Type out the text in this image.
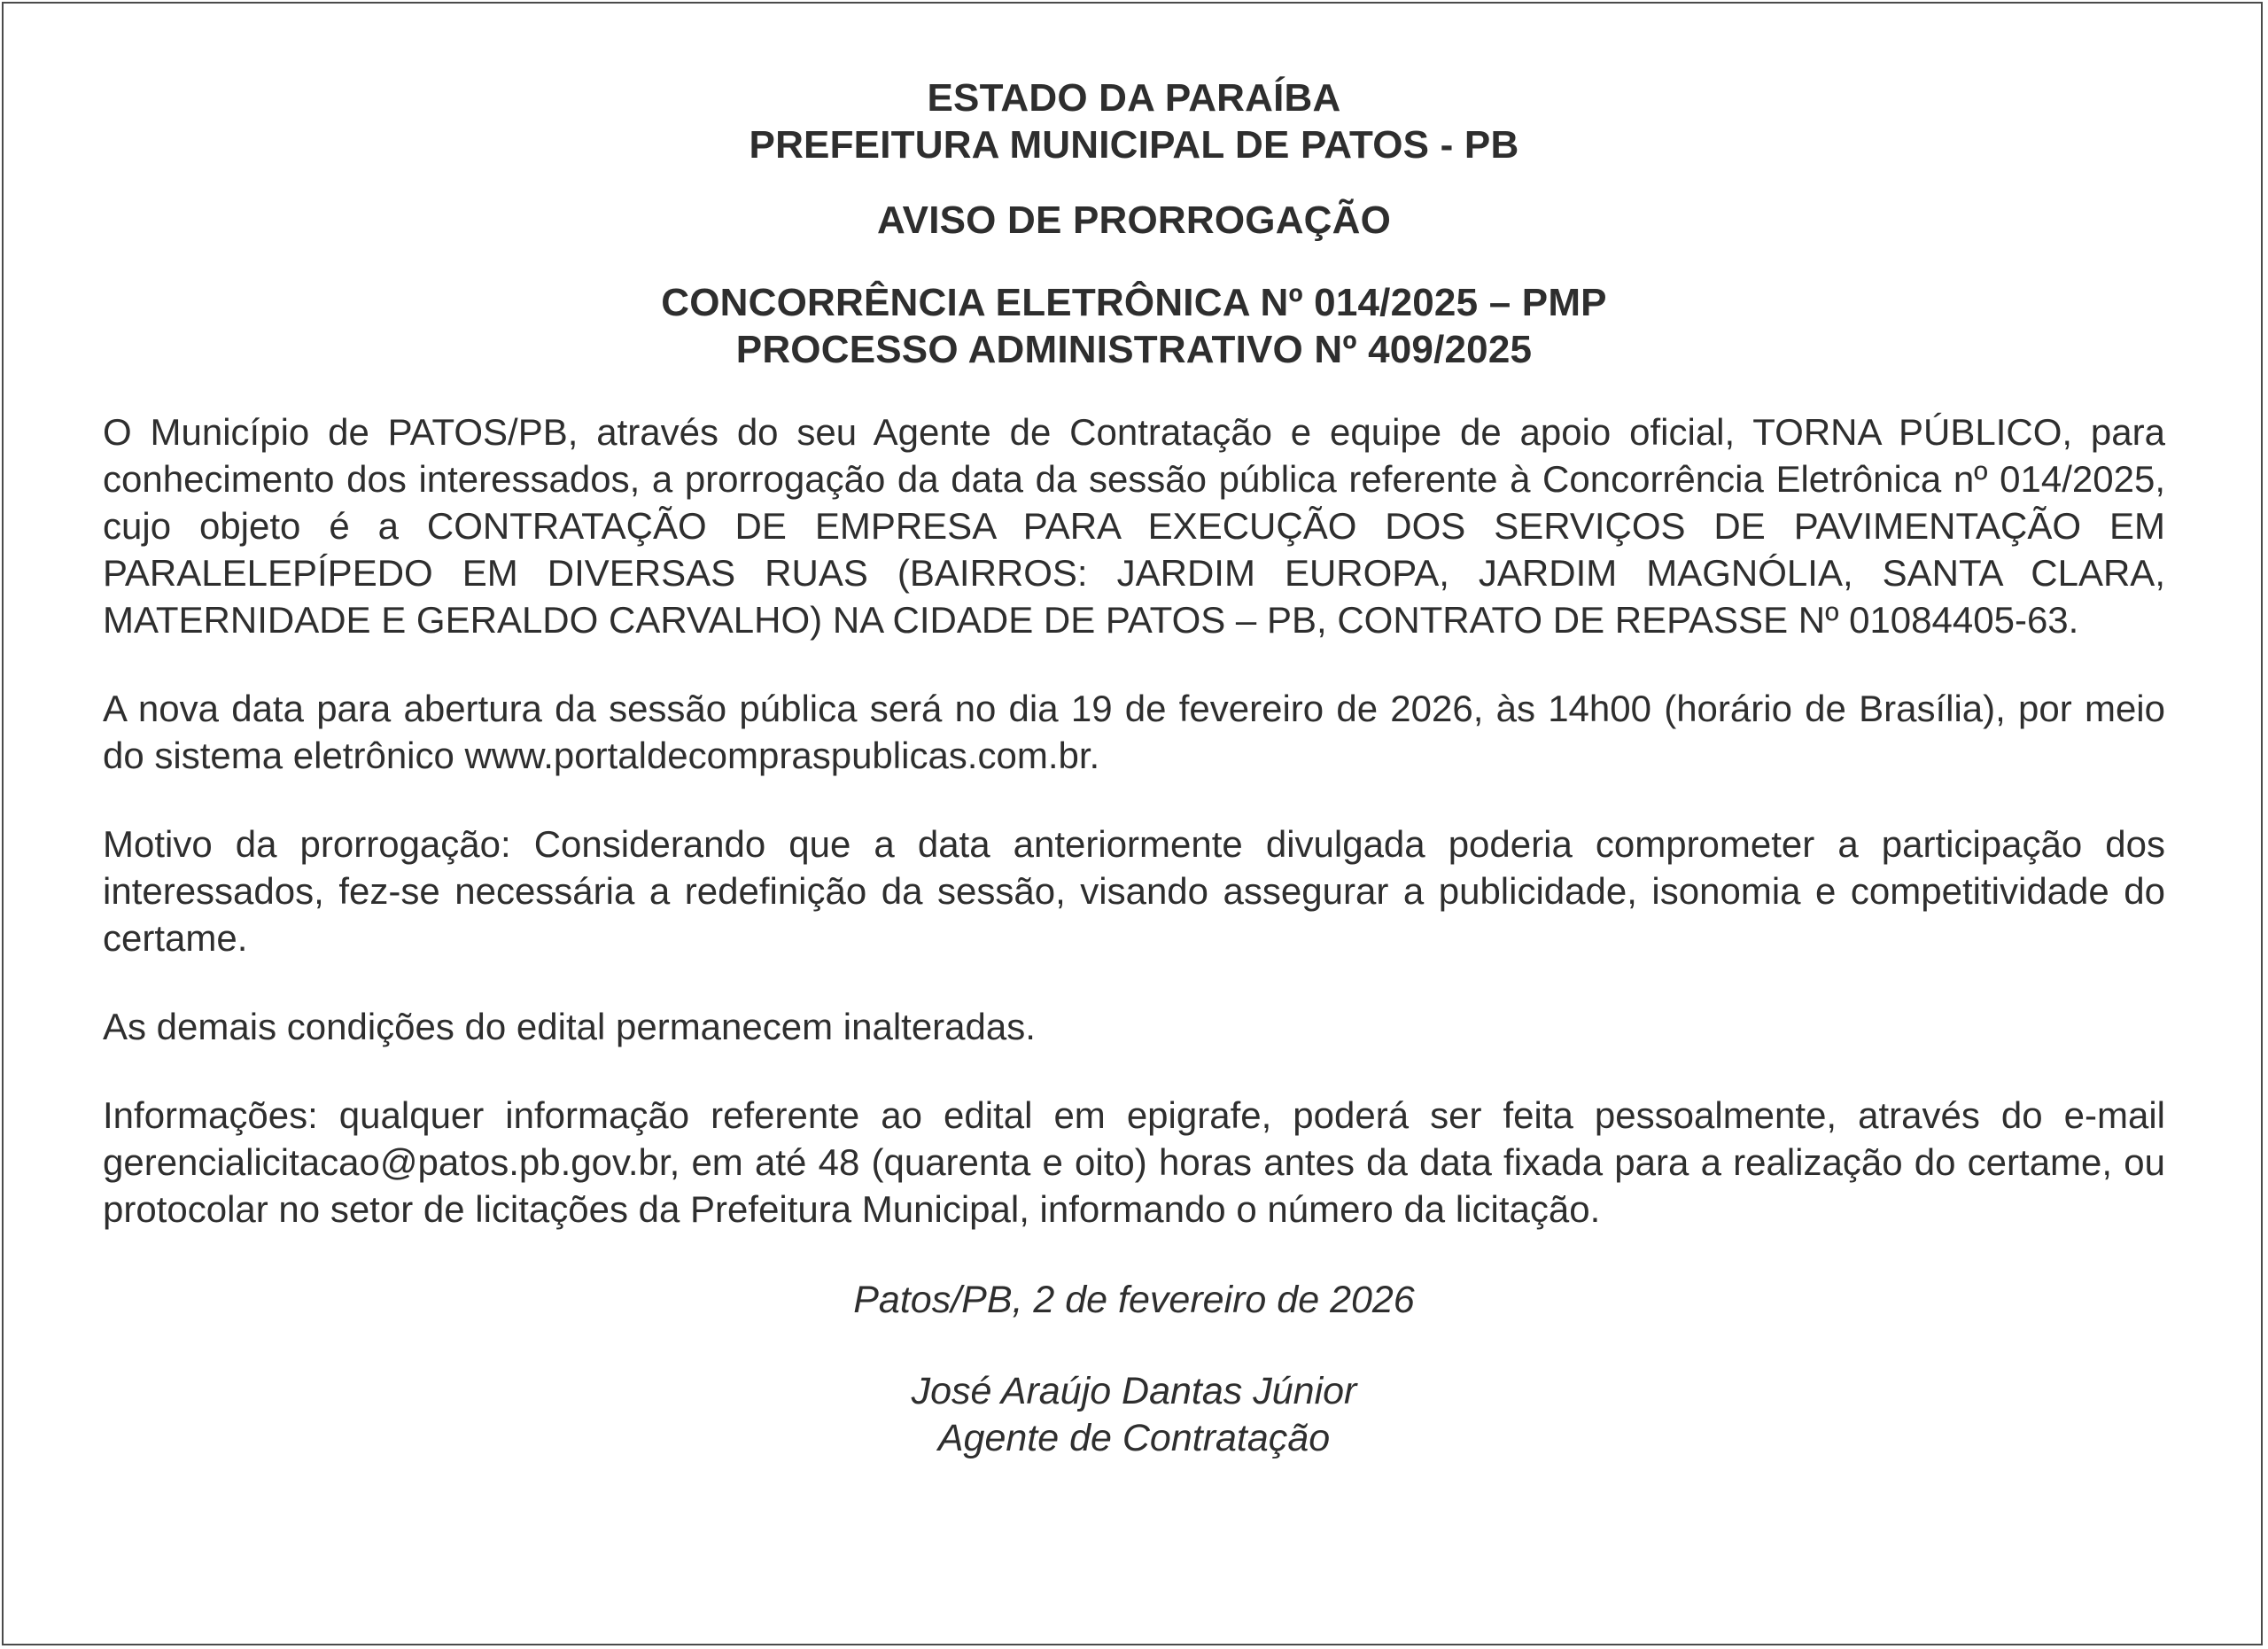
ESTADO DA PARAÍBA

PREFEITURA MUNICIPAL DE PATOS - PB

AVISO DE PRORROGAÇÃO

CONCORRÊNCIA ELETRÔNICA Nº 014/2025 – PMP

PROCESSO ADMINISTRATIVO Nº 409/2025

O Município de PATOS/PB, através do seu Agente de Contratação e equipe de apoio oficial, TORNA PÚBLICO, para conhecimento dos interessados, a prorrogação da data da sessão pública referente à Concorrência Eletrônica nº 014/2025, cujo objeto é a CONTRATAÇÃO DE EMPRESA PARA EXECUÇÃO DOS SERVIÇOS DE PAVIMENTAÇÃO EM PARALELEPÍPEDO EM DIVERSAS RUAS (BAIRROS: JARDIM EUROPA, JARDIM MAGNÓLIA, SANTA CLARA, MATERNIDADE E GERALDO CARVALHO) NA CIDADE DE PATOS – PB, CONTRATO DE REPASSE Nº 01084405-63.

A nova data para abertura da sessão pública será no dia 19 de fevereiro de 2026, às 14h00 (horário de Brasília), por meio do sistema eletrônico www.portaldecompraspublicas.com.br.

Motivo da prorrogação: Considerando que a data anteriormente divulgada poderia comprometer a participação dos interessados, fez-se necessária a redefinição da sessão, visando assegurar a publicidade, isonomia e competitividade do certame.

As demais condições do edital permanecem inalteradas.

Informações: qualquer informação referente ao edital em epigrafe, poderá ser feita pessoalmente, através do e-mail gerencialicitacao@patos.pb.gov.br, em até 48 (quarenta e oito) horas antes da data fixada para a realização do certame, ou protocolar no setor de licitações da Prefeitura Municipal, informando o número da licitação.

Patos/PB, 2 de fevereiro de 2026

José Araújo Dantas Júnior

Agente de Contratação
